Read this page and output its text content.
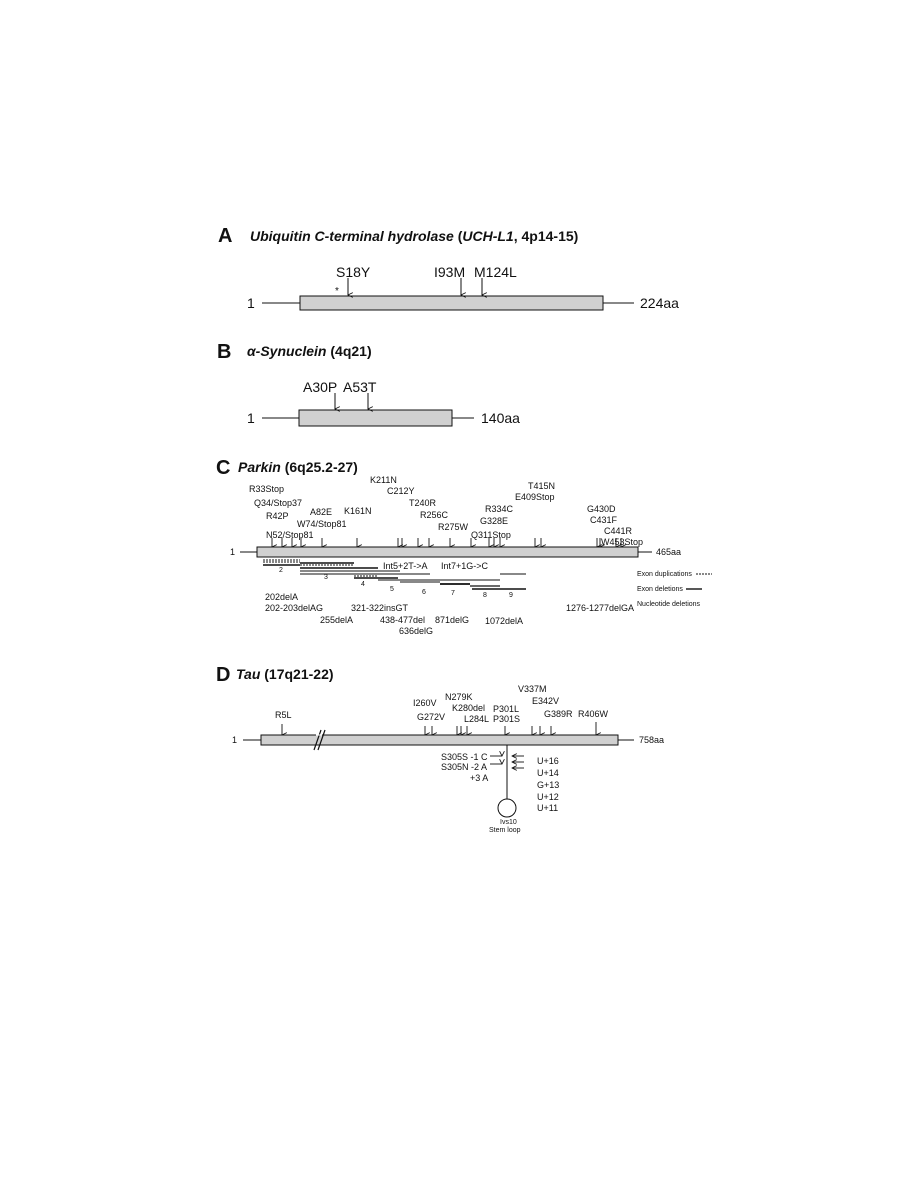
A Ubiquitin C-terminal hydrolase (UCH-L1, 4p14-15)
1	224aa
*
S18Y	I93M M124L
B α-Synuclein (4q21)
1	140aa
A30P A53T
C Parkin (6q25.2-27)
R33Stop
Q34/Stop37
R42P A82E
W74/Stop81
K161N
N52/Stop81
K211N
C212Y
T240R
R256C
R275W
R334C
G328E
Q311Stop
T415N
E409Stop
G430D
C431F
C441R
W453Stop
1	465aa
2
3
4
5	6	7	8	9
Int5+2T->A Int7+1G->C
Exon duplications
Exon deletions
Nucleotide deletions
202delA
202-203delAG
255delA
321-322insGT
438-477del
636delG
871delG 1072delA
1276-1277delGA
D Tau (17q21-22)
R5L
I260V
G272V
N279K
K280del
L284L
P301L
P301S
V337M
E342V
G389R R406W
1	758aa
S305S -1 C
S305N -2 A
+3 A
U+16
U+14
G+13
U+12
U+11
Ivs10
Stem loop
